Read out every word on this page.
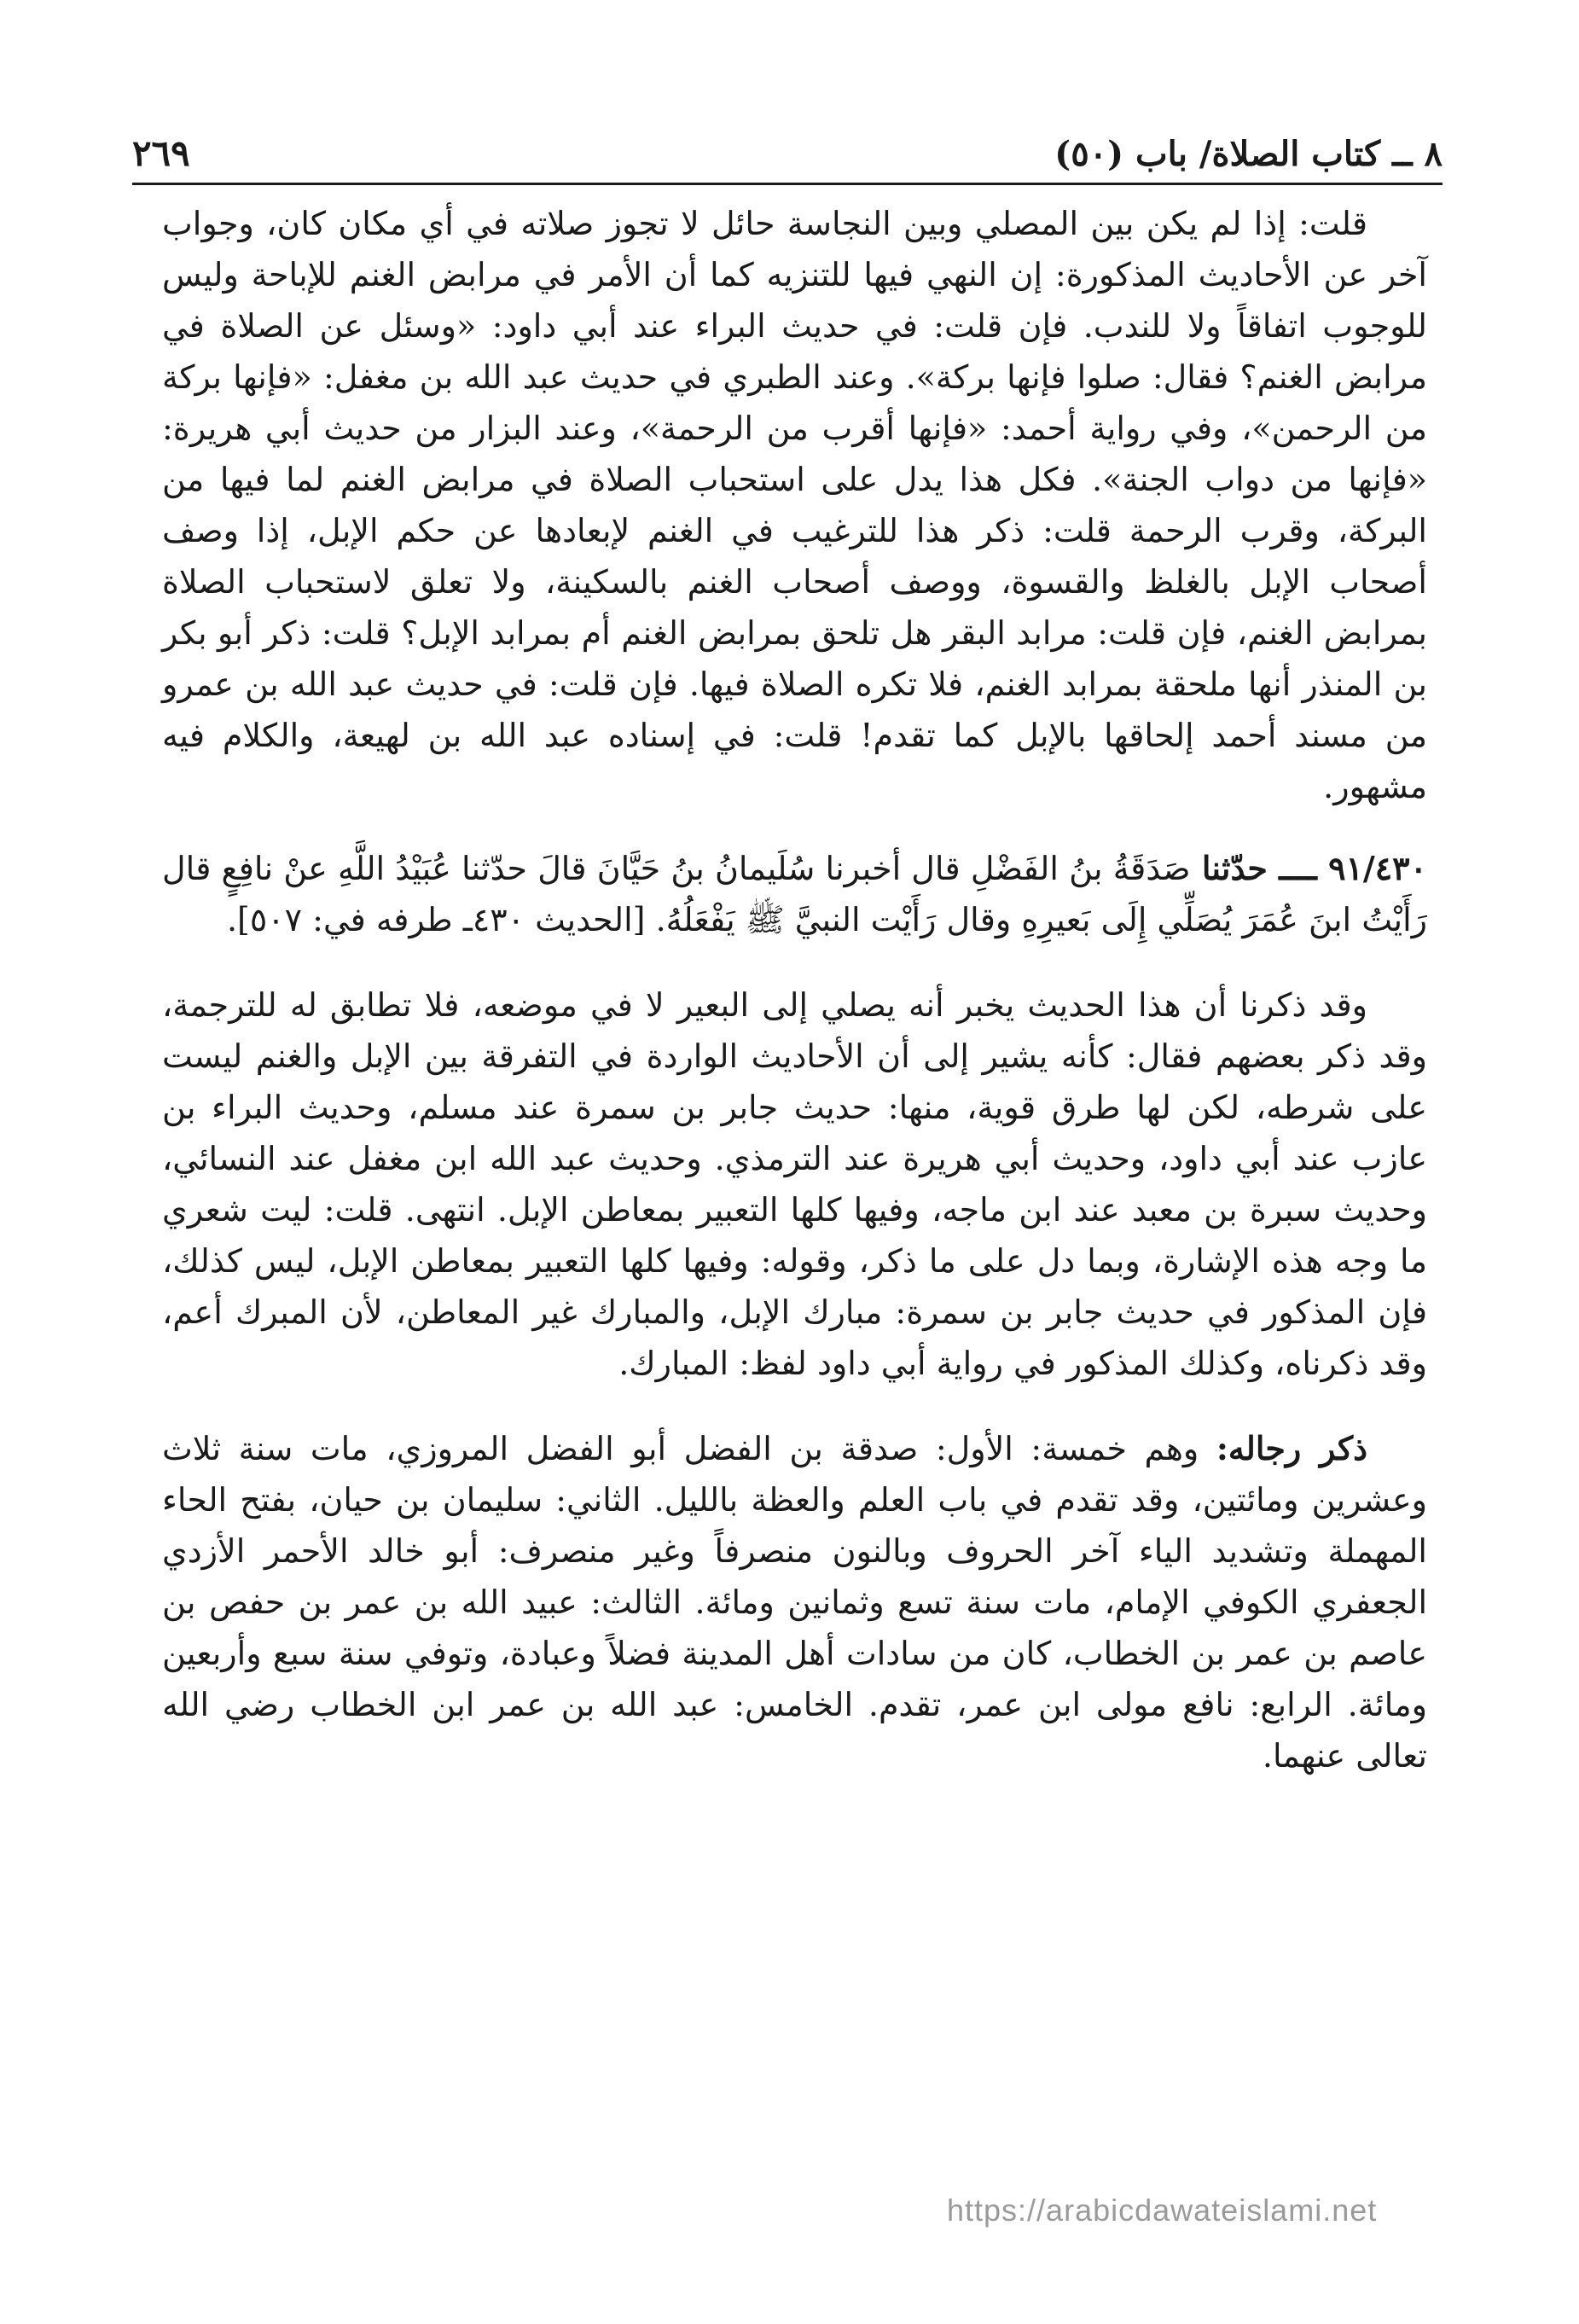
٨ ــ كتاب الصلاة/ باب (٥٠)
٢٦٩

قلت: إذا لم يكن بين المصلي وبين النجاسة حائل لا تجوز صلاته في أي مكان كان، وجواب آخر عن الأحاديث المذكورة: إن النهي فيها للتنزيه كما أن الأمر في مرابض الغنم للإباحة وليس للوجوب اتفاقاً ولا للندب. فإن قلت: في حديث البراء عند أبي داود: «وسئل عن الصلاة في مرابض الغنم؟ فقال: صلوا فإنها بركة». وعند الطبري في حديث عبد الله بن مغفل: «فإنها بركة من الرحمن»، وفي رواية أحمد: «فإنها أقرب من الرحمة»، وعند البزار من حديث أبي هريرة: «فإنها من دواب الجنة». فكل هذا يدل على استحباب الصلاة في مرابض الغنم لما فيها من البركة، وقرب الرحمة قلت: ذكر هذا للترغيب في الغنم لإبعادها عن حكم الإبل، إذا وصف أصحاب الإبل بالغلظ والقسوة، ووصف أصحاب الغنم بالسكينة، ولا تعلق لاستحباب الصلاة بمرابض الغنم، فإن قلت: مرابد البقر هل تلحق بمرابض الغنم أم بمرابد الإبل؟ قلت: ذكر أبو بكر بن المنذر أنها ملحقة بمرابد الغنم، فلا تكره الصلاة فيها. فإن قلت: في حديث عبد الله بن عمرو من مسند أحمد إلحاقها بالإبل كما تقدم! قلت: في إسناده عبد الله بن لهيعة، والكلام فيه مشهور.

٩١/٤٣٠ ــــ حدّثنا صَدَقَةُ بنُ الفَضْلِ قال أخبرنا سُلَيمانُ بنُ حَيَّانَ قالَ حدّثنا عُبَيْدُ اللَّهِ عنْ نافِعٍ قال رَأَيْتُ ابنَ عُمَرَ يُصَلِّي إِلَى بَعيرِهِ وقال رَأَيْت النبيَّ ﷺ يَفْعَلُهُ. [الحديث ٤٣٠ـ طرفه في: ٥٠٧].

وقد ذكرنا أن هذا الحديث يخبر أنه يصلي إلى البعير لا في موضعه، فلا تطابق له للترجمة، وقد ذكر بعضهم فقال: كأنه يشير إلى أن الأحاديث الواردة في التفرقة بين الإبل والغنم ليست على شرطه، لكن لها طرق قوية، منها: حديث جابر بن سمرة عند مسلم، وحديث البراء بن عازب عند أبي داود، وحديث أبي هريرة عند الترمذي. وحديث عبد الله ابن مغفل عند النسائي، وحديث سبرة بن معبد عند ابن ماجه، وفيها كلها التعبير بمعاطن الإبل. انتهى. قلت: ليت شعري ما وجه هذه الإشارة، وبما دل على ما ذكر، وقوله: وفيها كلها التعبير بمعاطن الإبل، ليس كذلك، فإن المذكور في حديث جابر بن سمرة: مبارك الإبل، والمبارك غير المعاطن، لأن المبرك أعم، وقد ذكرناه، وكذلك المذكور في رواية أبي داود لفظ: المبارك.

ذكر رجاله: وهم خمسة: الأول: صدقة بن الفضل أبو الفضل المروزي، مات سنة ثلاث وعشرين ومائتين، وقد تقدم في باب العلم والعظة بالليل. الثاني: سليمان بن حيان، بفتح الحاء المهملة وتشديد الياء آخر الحروف وبالنون منصرفاً وغير منصرف: أبو خالد الأحمر الأزدي الجعفري الكوفي الإمام، مات سنة تسع وثمانين ومائة. الثالث: عبيد الله بن عمر بن حفص بن عاصم بن عمر بن الخطاب، كان من سادات أهل المدينة فضلاً وعبادة، وتوفي سنة سبع وأربعين ومائة. الرابع: نافع مولى ابن عمر، تقدم. الخامس: عبد الله بن عمر ابن الخطاب رضي الله تعالى عنهما.

https://arabicdawateislami.net
